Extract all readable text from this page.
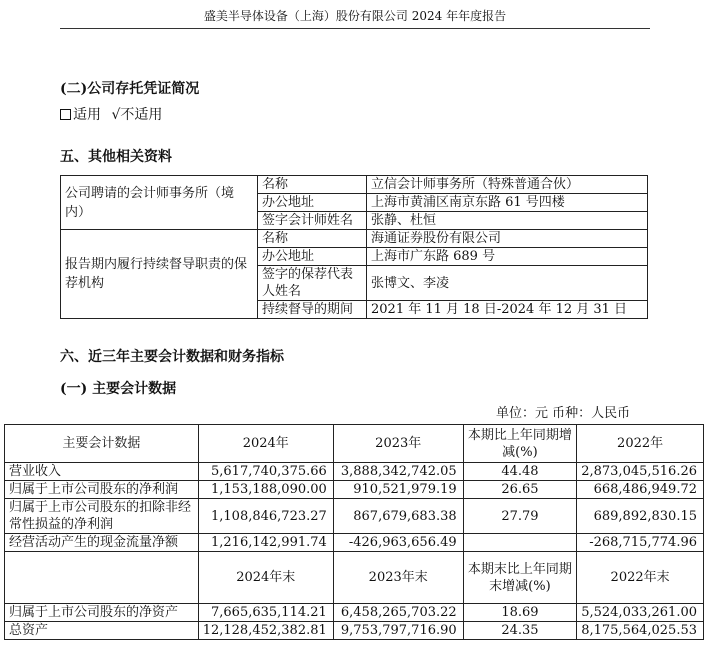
盛美半导体设备（上海）股份有限公司 2024 年年度报告
(二)公司存托凭证简况
适用 √不适用
五、其他相关资料
公司聘请的会计师事务所（境内）	名称	立信会计师事务所（特殊普通合伙）
	办公地址	上海市黄浦区南京东路 61 号四楼
	签字会计师姓名	张静、杜恒
报告期内履行持续督导职责的保荐机构	名称	海通证券股份有限公司
	办公地址	上海市广东路 689 号
	签字的保荐代表人姓名	张博文、李凌
	持续督导的期间	2021 年 11 月 18 日-2024 年 12 月 31 日
六、近三年主要会计数据和财务指标
(一) 主要会计数据
单位：元 币种：人民币
主要会计数据	2024年	2023年	本期比上年同期增减(%)	2022年
营业收入	5,617,740,375.66	3,888,342,742.05	44.48	2,873,045,516.26
归属于上市公司股东的净利润	1,153,188,090.00	910,521,979.19	26.65	668,486,949.72
归属于上市公司股东的扣除非经常性损益的净利润	1,108,846,723.27	867,679,683.38	27.79	689,892,830.15
经营活动产生的现金流量净额	1,216,142,991.74	-426,963,656.49		-268,715,774.96
	2024年末	2023年末	本期末比上年同期末增减(%)	2022年末
归属于上市公司股东的净资产	7,665,635,114.21	6,458,265,703.22	18.69	5,524,033,261.00
总资产	12,128,452,382.81	9,753,797,716.90	24.35	8,175,564,025.53
